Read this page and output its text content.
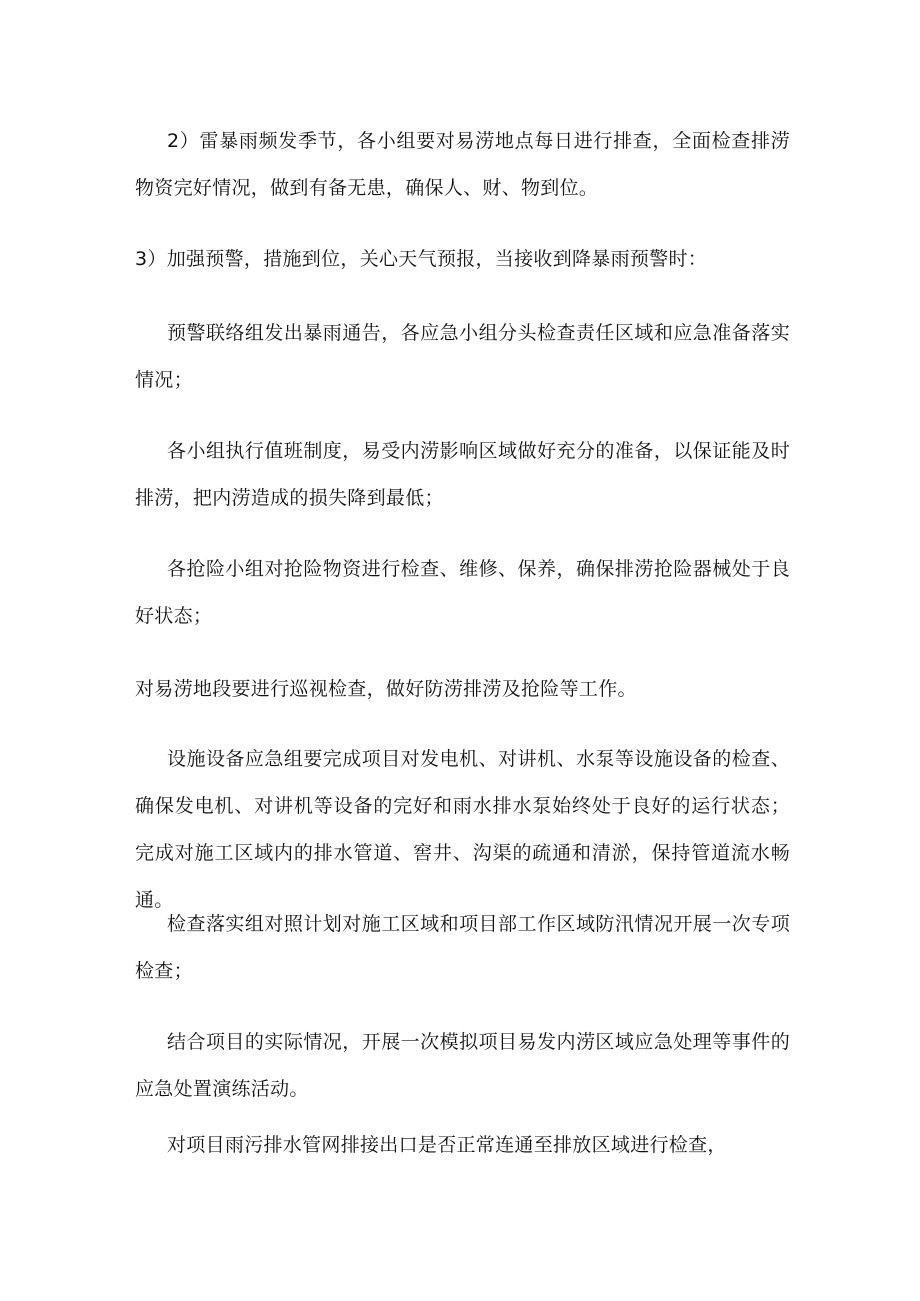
2）雷暴雨频发季节，各小组要对易涝地点每日进行排查，全面检查排涝物资完好情况，做到有备无患，确保人、财、物到位。

3）加强预警，措施到位，关心天气预报，当接收到降暴雨预警时：

预警联络组发出暴雨通告，各应急小组分头检查责任区域和应急准备落实情况；

各小组执行值班制度，易受内涝影响区域做好充分的准备，以保证能及时排涝，把内涝造成的损失降到最低；

各抢险小组对抢险物资进行检查、维修、保养，确保排涝抢险器械处于良好状态；

对易涝地段要进行巡视检查，做好防涝排涝及抢险等工作。

设施设备应急组要完成项目对发电机、对讲机、水泵等设施设备的检查、确保发电机、对讲机等设备的完好和雨水排水泵始终处于良好的运行状态；完成对施工区域内的排水管道、窖井、沟渠的疏通和清淤，保持管道流水畅通。

检查落实组对照计划对施工区域和项目部工作区域防汛情况开展一次专项检查；

结合项目的实际情况，开展一次模拟项目易发内涝区域应急处理等事件的应急处置演练活动。

对项目雨污排水管网排接出口是否正常连通至排放区域进行检查，
